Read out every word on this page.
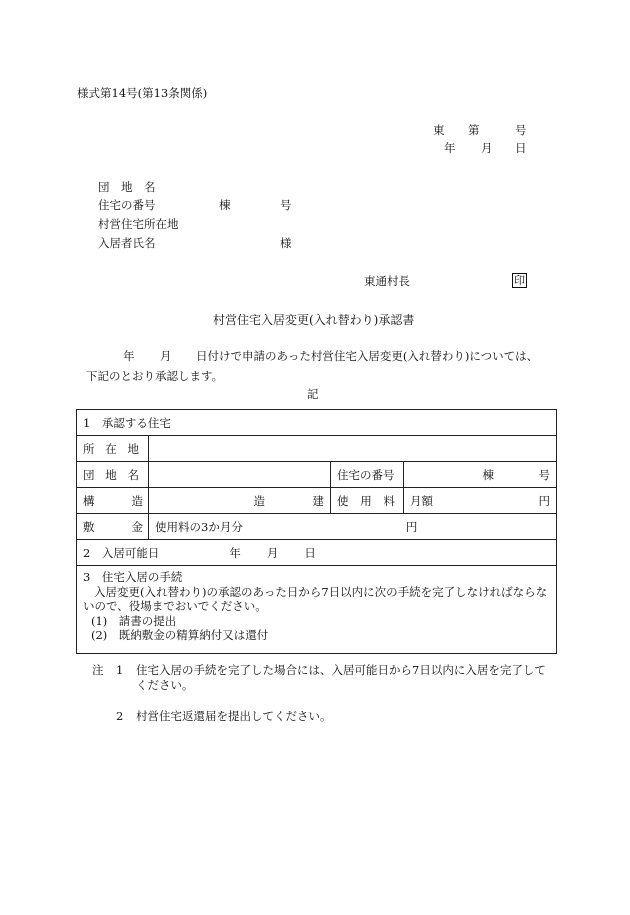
様式第14号(第13条関係)
東 第	号
年 月 日
団　地　名
住宅の番号	棟	号
村営住宅所在地
入居者氏名	様
東通村長	印
村営住宅入居変更(入れ替わり)承認書
年 月 日付けで申請のあった村営住宅入居変更(入れ替わり)については、
下記のとおり承認します。
記
1　承認する住宅			

所 在 地			

団 地 名		住宅の番号	棟 号

構 造	造 建	使 用 料	月額 円

敷 金	使用料の3か月分 円		

2　入居可能日 年 月 日			

3　住宅入居の手続
入居変更(入れ替わり)の承認のあった日から7日以内に次の手続を完了しなければならないので、役場までおいでください。
(1)　請書の提出
(2)　既納敷金の精算納付又は還付			
注	1	住宅入居の手続を完了した場合には、入居可能日から7日以内に入居を完了してください。
2	村営住宅返還届を提出してください。
